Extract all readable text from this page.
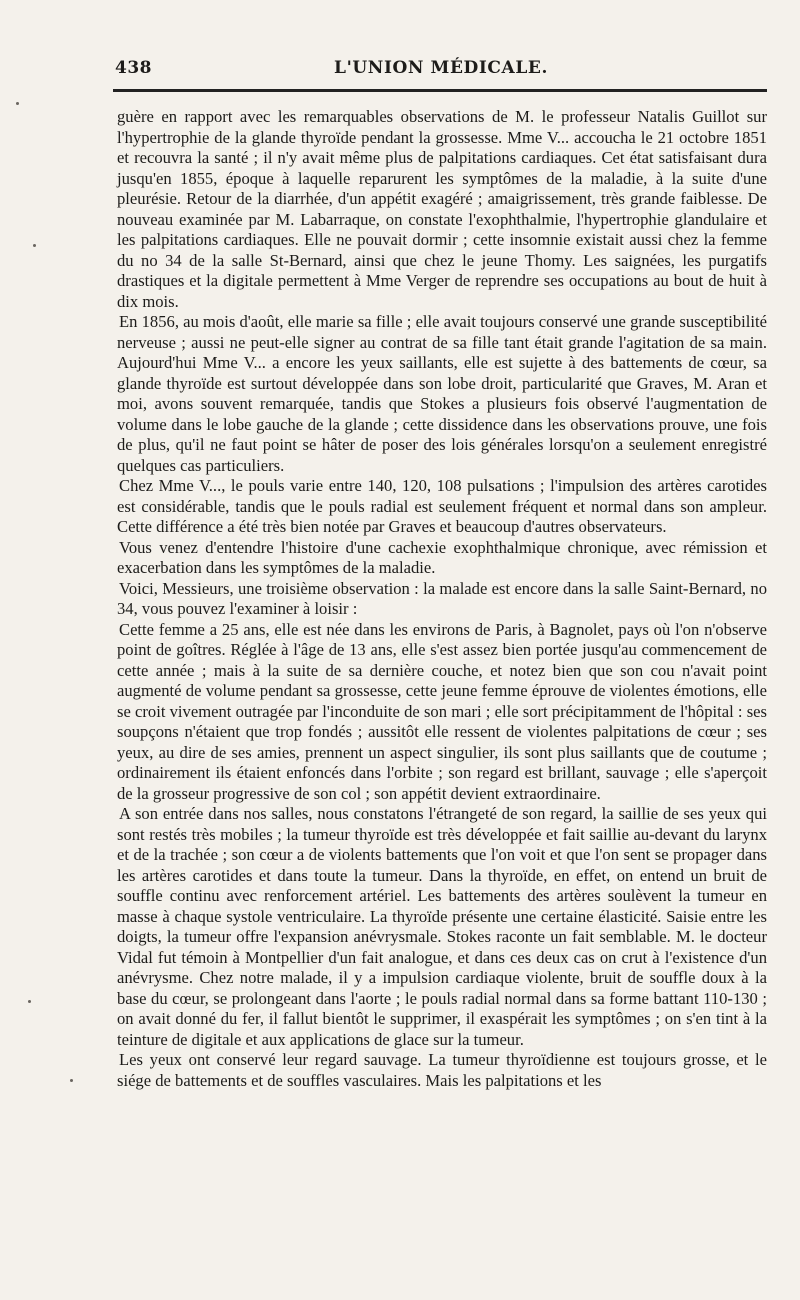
438	L'UNION MÉDICALE.

guère en rapport avec les remarquables observations de M. le professeur Natalis Guillot sur l'hypertrophie de la glande thyroïde pendant la grossesse. Mme V... accoucha le 21 octobre 1851 et recouvra la santé ; il n'y avait même plus de palpitations cardiaques. Cet état satisfaisant dura jusqu'en 1855, époque à laquelle reparurent les symptômes de la maladie, à la suite d'une pleurésie. Retour de la diarrhée, d'un appétit exagéré ; amaigrissement, très grande faiblesse. De nouveau examinée par M. Labarraque, on constate l'exophthalmie, l'hypertrophie glandulaire et les palpitations cardiaques. Elle ne pouvait dormir ; cette insomnie existait aussi chez la femme du no 34 de la salle St-Bernard, ainsi que chez le jeune Thomy. Les saignées, les purgatifs drastiques et la digitale permettent à Mme Verger de reprendre ses occupations au bout de huit à dix mois.

En 1856, au mois d'août, elle marie sa fille ; elle avait toujours conservé une grande susceptibilité nerveuse ; aussi ne peut-elle signer au contrat de sa fille tant était grande l'agitation de sa main. Aujourd'hui Mme V... a encore les yeux saillants, elle est sujette à des battements de cœur, sa glande thyroïde est surtout développée dans son lobe droit, particularité que Graves, M. Aran et moi, avons souvent remarquée, tandis que Stokes a plusieurs fois observé l'augmentation de volume dans le lobe gauche de la glande ; cette dissidence dans les observations prouve, une fois de plus, qu'il ne faut point se hâter de poser des lois générales lorsqu'on a seulement enregistré quelques cas particuliers.

Chez Mme V..., le pouls varie entre 140, 120, 108 pulsations ; l'impulsion des artères carotides est considérable, tandis que le pouls radial est seulement fréquent et normal dans son ampleur. Cette différence a été très bien notée par Graves et beaucoup d'autres observateurs.

Vous venez d'entendre l'histoire d'une cachexie exophthalmique chronique, avec rémission et exacerbation dans les symptômes de la maladie.

Voici, Messieurs, une troisième observation : la malade est encore dans la salle Saint-Bernard, no 34, vous pouvez l'examiner à loisir :

Cette femme a 25 ans, elle est née dans les environs de Paris, à Bagnolet, pays où l'on n'observe point de goîtres. Réglée à l'âge de 13 ans, elle s'est assez bien portée jusqu'au commencement de cette année ; mais à la suite de sa dernière couche, et notez bien que son cou n'avait point augmenté de volume pendant sa grossesse, cette jeune femme éprouve de violentes émotions, elle se croit vivement outragée par l'inconduite de son mari ; elle sort précipitamment de l'hôpital : ses soupçons n'étaient que trop fondés ; aussitôt elle ressent de violentes palpitations de cœur ; ses yeux, au dire de ses amies, prennent un aspect singulier, ils sont plus saillants que de coutume ; ordinairement ils étaient enfoncés dans l'orbite ; son regard est brillant, sauvage ; elle s'aperçoit de la grosseur progressive de son col ; son appétit devient extraordinaire.

A son entrée dans nos salles, nous constatons l'étrangeté de son regard, la saillie de ses yeux qui sont restés très mobiles ; la tumeur thyroïde est très développée et fait saillie au-devant du larynx et de la trachée ; son cœur a de violents battements que l'on voit et que l'on sent se propager dans les artères carotides et dans toute la tumeur. Dans la thyroïde, en effet, on entend un bruit de souffle continu avec renforcement artériel. Les battements des artères soulèvent la tumeur en masse à chaque systole ventriculaire. La thyroïde présente une certaine élasticité. Saisie entre les doigts, la tumeur offre l'expansion anévrysmale. Stokes raconte un fait semblable. M. le docteur Vidal fut témoin à Montpellier d'un fait analogue, et dans ces deux cas on crut à l'existence d'un anévrysme. Chez notre malade, il y a impulsion cardiaque violente, bruit de souffle doux à la base du cœur, se prolongeant dans l'aorte ; le pouls radial normal dans sa forme battant 110-130 ; on avait donné du fer, il fallut bientôt le supprimer, il exaspérait les symptômes ; on s'en tint à la teinture de digitale et aux applications de glace sur la tumeur.

Les yeux ont conservé leur regard sauvage. La tumeur thyroïdienne est toujours grosse, et le siége de battements et de souffles vasculaires. Mais les palpitations et les
